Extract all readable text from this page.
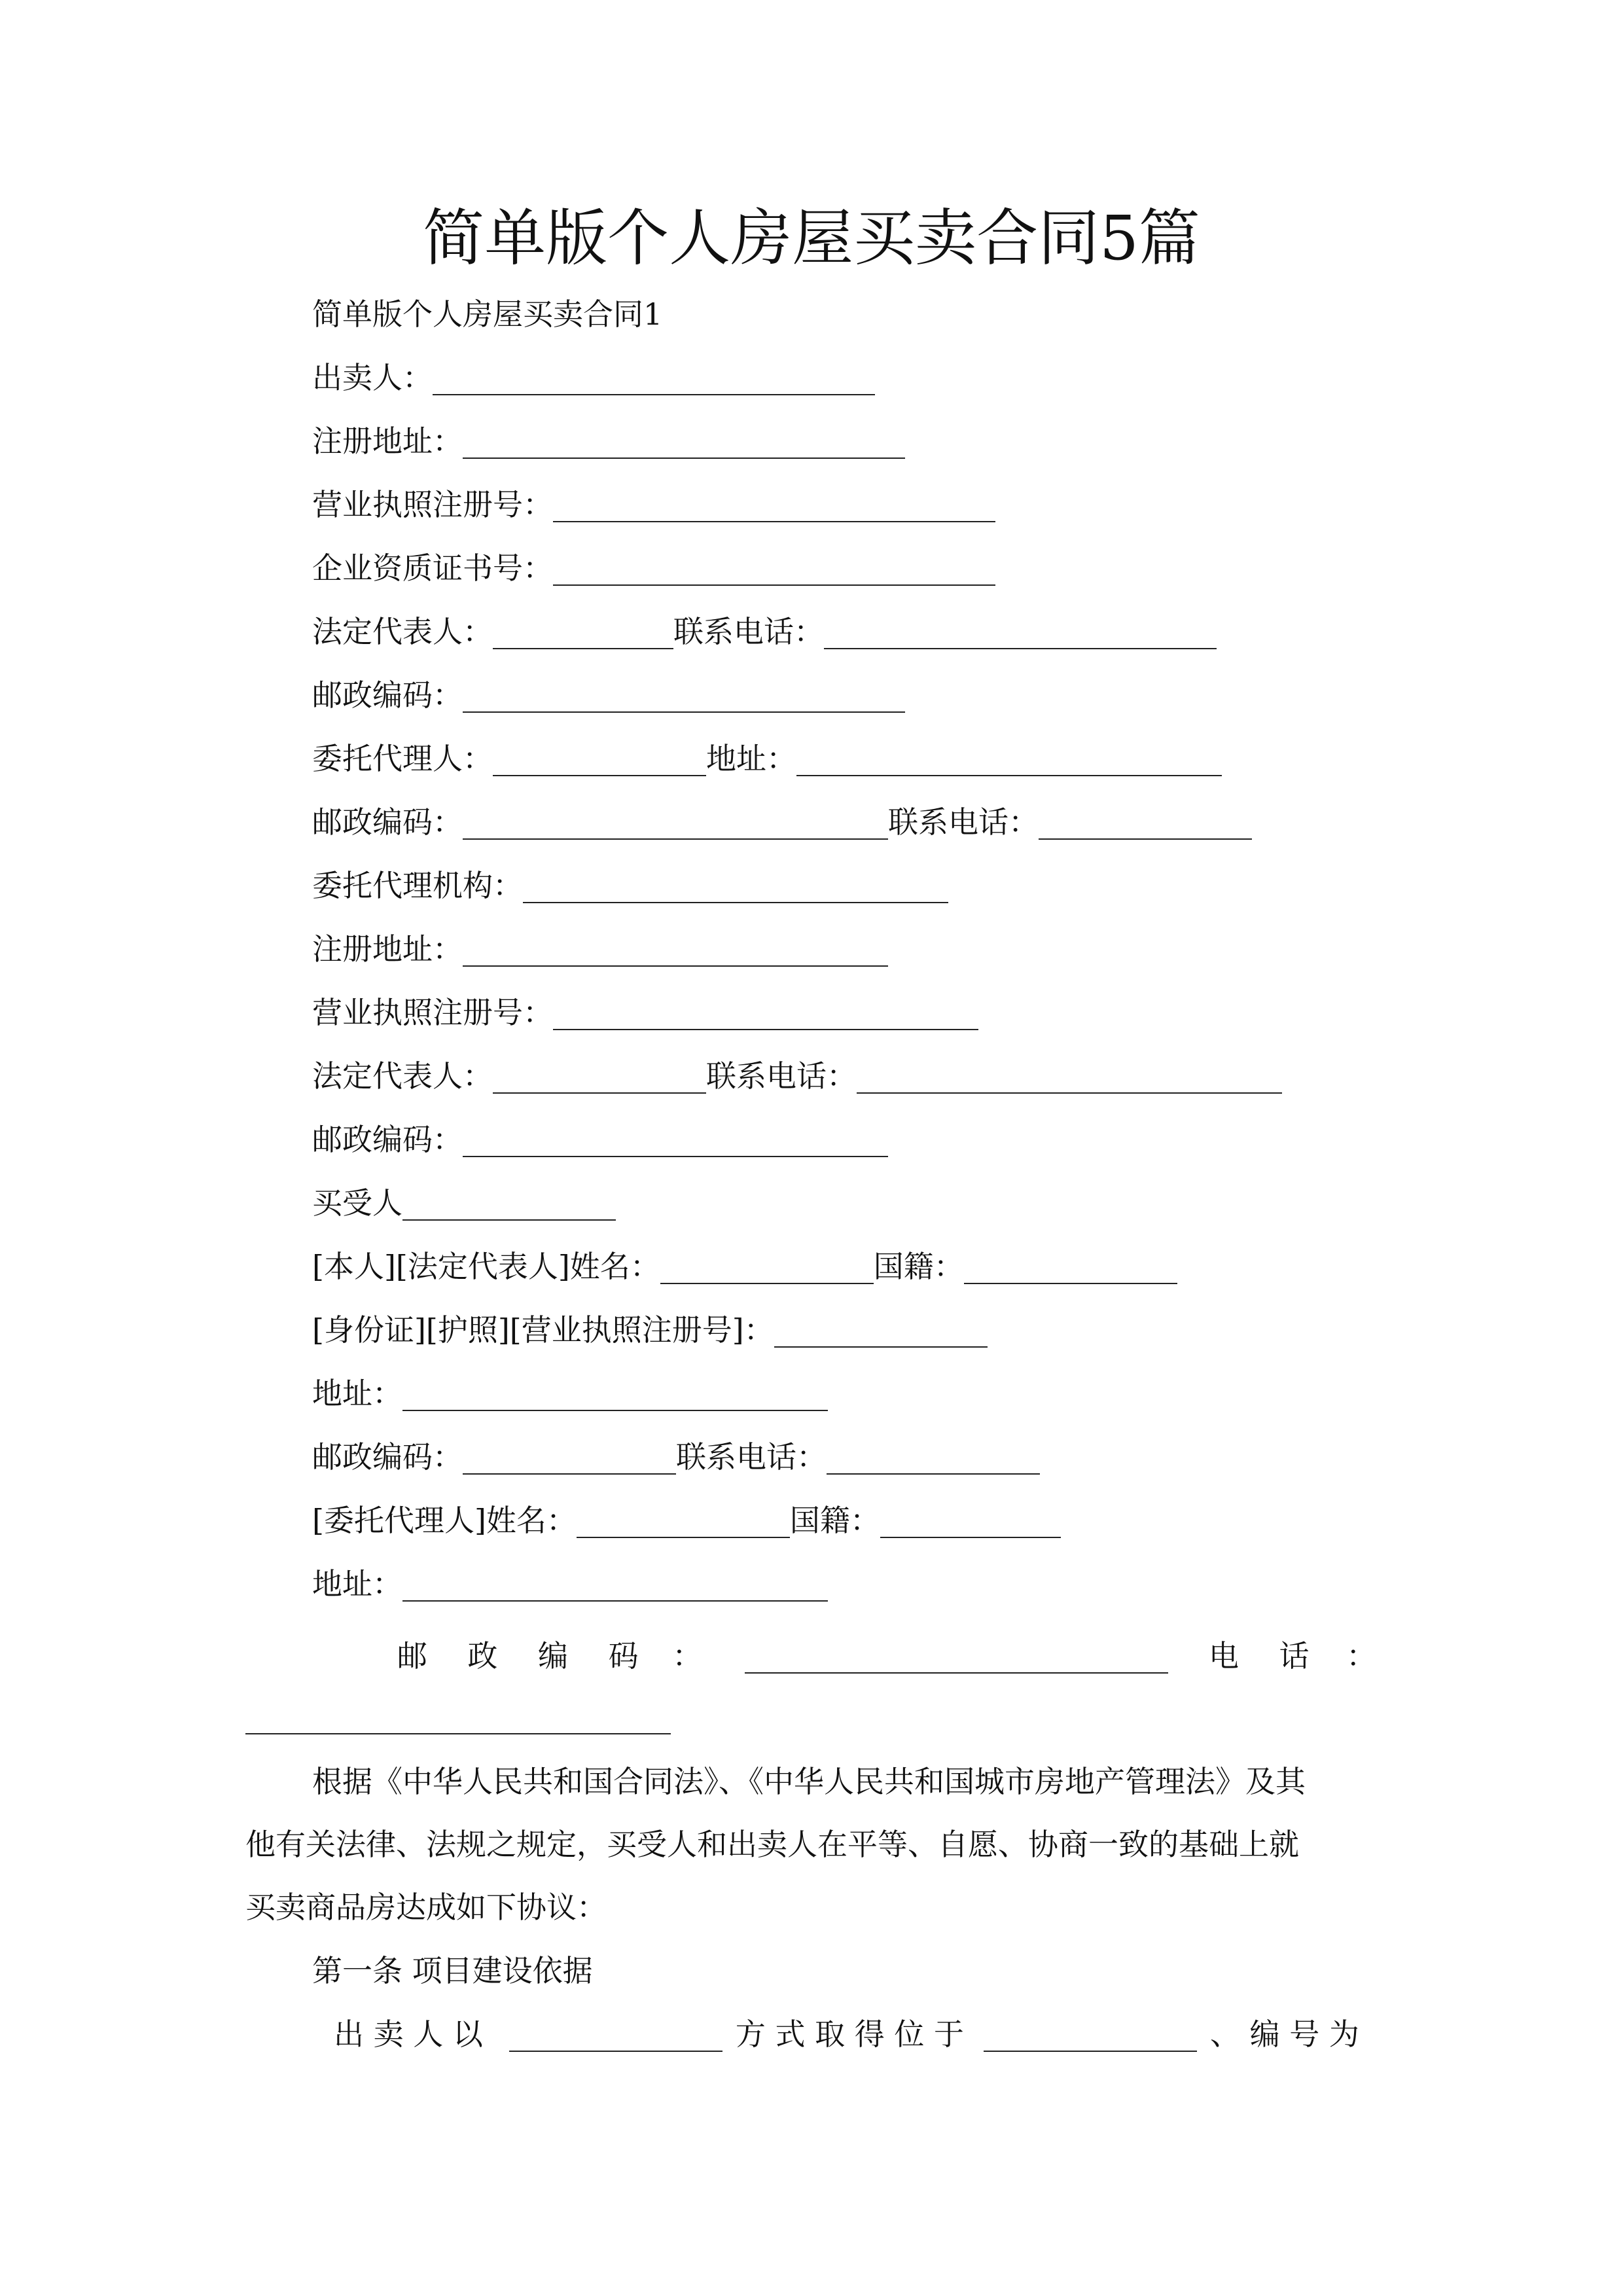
简单版个人房屋买卖合同5篇
简单版个人房屋买卖合同1
出卖人：
注册地址：
营业执照注册号：
企业资质证书号：
法定代表人：	联系电话：
邮政编码：
委托代理人：	地址：
邮政编码：	联系电话：
委托代理机构：
注册地址：
营业执照注册号：
法定代表人：	联系电话：
邮政编码：
买受人
[本人][法定代表人]姓名：	国籍：
[身份证][护照][营业执照注册号]：
地址：
邮政编码：	联系电话：
[委托代理人]姓名：	国籍：
地址：
邮	政	编	码	：	电 话 ：
根据《中华人民共和国合同法》、《中华人民共和国城市房地产管理法》及其
他有关法律、法规之规定，买受人和出卖人在平等、自愿、协商一致的基础上就
买卖商品房达成如下协议：
第一条 项目建设依据
出 卖 人 以	方 式 取 得 位 于	、 编 号 为
